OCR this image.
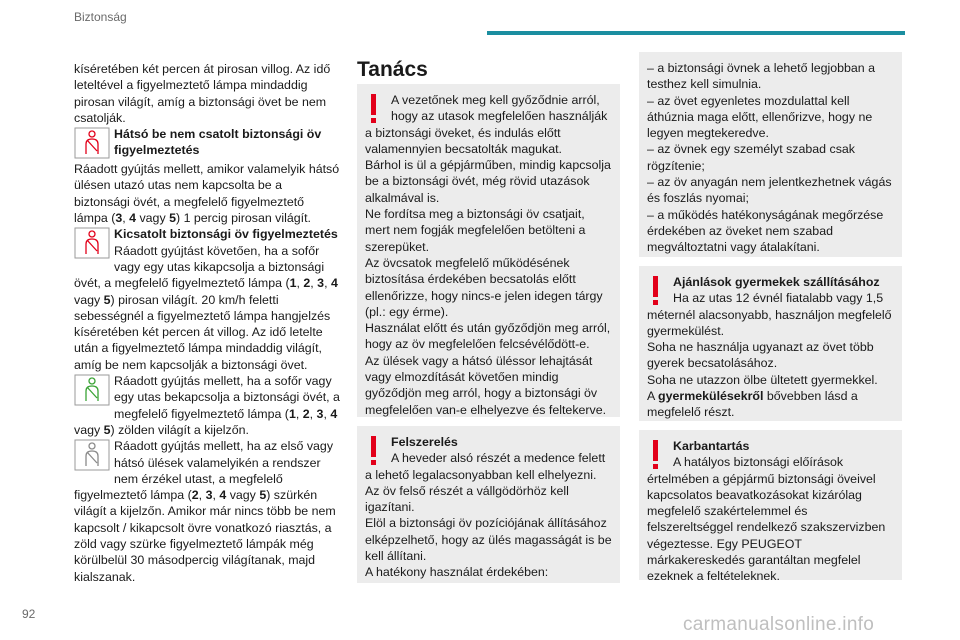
Biztonság
92	carmanualsonline.info

kíséretében két percen át pirosan villog. Az idő leteltével a figyelmeztető lámpa mindaddig pirosan világít, amíg a biztonsági övet be nem csatolják.

Hátsó be nem csatolt biztonsági öv
figyelmeztetés

Ráadott gyújtás mellett, amikor valamelyik hátsó ülésen utazó utas nem kapcsolta be a biztonsági övét, a megfelelő figyelmeztető lámpa (3, 4 vagy 5) 1 percig pirosan világít.

Kicsatolt biztonsági öv figyelmeztetés
Ráadott gyújtást követően, ha a sofőr vagy egy utas kikapcsolja a biztonsági övét, a megfelelő figyelmeztető lámpa (1, 2, 3, 4 vagy 5) pirosan világít. 20 km/h feletti sebességnél a figyelmeztető lámpa hangjelzés kíséretében két percen át villog. Az idő letelte után a figyelmeztető lámpa mindaddig világít, amíg be nem kapcsolják a biztonsági övet.

Ráadott gyújtás mellett, ha a sofőr vagy egy utas bekapcsolja a biztonsági övét, a megfelelő figyelmeztető lámpa (1, 2, 3, 4 vagy 5) zölden világít a kijelzőn.

Ráadott gyújtás mellett, ha az első vagy hátsó ülések valamelyikén a rendszer nem érzékel utast, a megfelelő figyelmeztető lámpa (2, 3, 4 vagy 5) szürkén világít a kijelzőn. Amikor már nincs több be nem kapcsolt / kikapcsolt övre vonatkozó riasztás, a zöld vagy szürke figyelmeztető lámpák még körülbelül 30 másodpercig világítanak, majd kialszanak.

Tanács

A vezetőnek meg kell győződnie arról, hogy az utasok megfelelően használják a biztonsági öveket, és indulás előtt valamennyien becsatolták magukat.

Bárhol is ül a gépjárműben, mindig kapcsolja be a biztonsági övét, még rövid utazások alkalmával is.

Ne fordítsa meg a biztonsági öv csatjait, mert nem fogják megfelelően betölteni a szerepüket.

Az övcsatok megfelelő működésének biztosítása érdekében becsatolás előtt ellenőrizze, hogy nincs-e jelen idegen tárgy (pl.: egy érme).

Használat előtt és után győződjön meg arról, hogy az öv megfelelően felcsévélődött-e.

Az ülések vagy a hátsó üléssor lehajtását vagy elmozdítását követően mindig győződjön meg arról, hogy a biztonsági öv megfelelően van-e elhelyezve és feltekerve.

Felszerelés

A heveder alsó részét a medence felett a lehető legalacsonyabban kell elhelyezni.

Az öv felső részét a vállgödörhöz kell igazítani.

Elöl a biztonsági öv pozíciójának állításához elképzelhető, hogy az ülés magasságát is be kell állítani.

A hatékony használat érdekében:

– a biztonsági övnek a lehető legjobban a testhez kell simulnia.

– az övet egyenletes mozdulattal kell áthúznia maga előtt, ellenőrizve, hogy ne legyen megtekeredve.

– az övnek egy személyt szabad csak rögzítenie;

– az öv anyagán nem jelentkezhetnek vágás és foszlás nyomai;

– a működés hatékonyságának megőrzése érdekében az öveket nem szabad megváltoztatni vagy átalakítani.

Ajánlások gyermekek szállításához

Ha az utas 12 évnél fiatalabb vagy 1,5 méternél alacsonyabb, használjon megfelelő gyermekülést.

Soha ne használja ugyanazt az övet több gyerek becsatolásához.

Soha ne utazzon ölbe ültetett gyermekkel.

A gyermekülésekről bővebben lásd a megfelelő részt.

Karbantartás

A hatályos biztonsági előírások értelmében a gépjármű biztonsági öveivel kapcsolatos beavatkozásokat kizárólag megfelelő szakértelemmel és felszereltséggel rendelkező szakszervizben végeztesse. Egy PEUGEOT márkakereskedés garantáltan megfelel ezeknek a feltételeknek.
